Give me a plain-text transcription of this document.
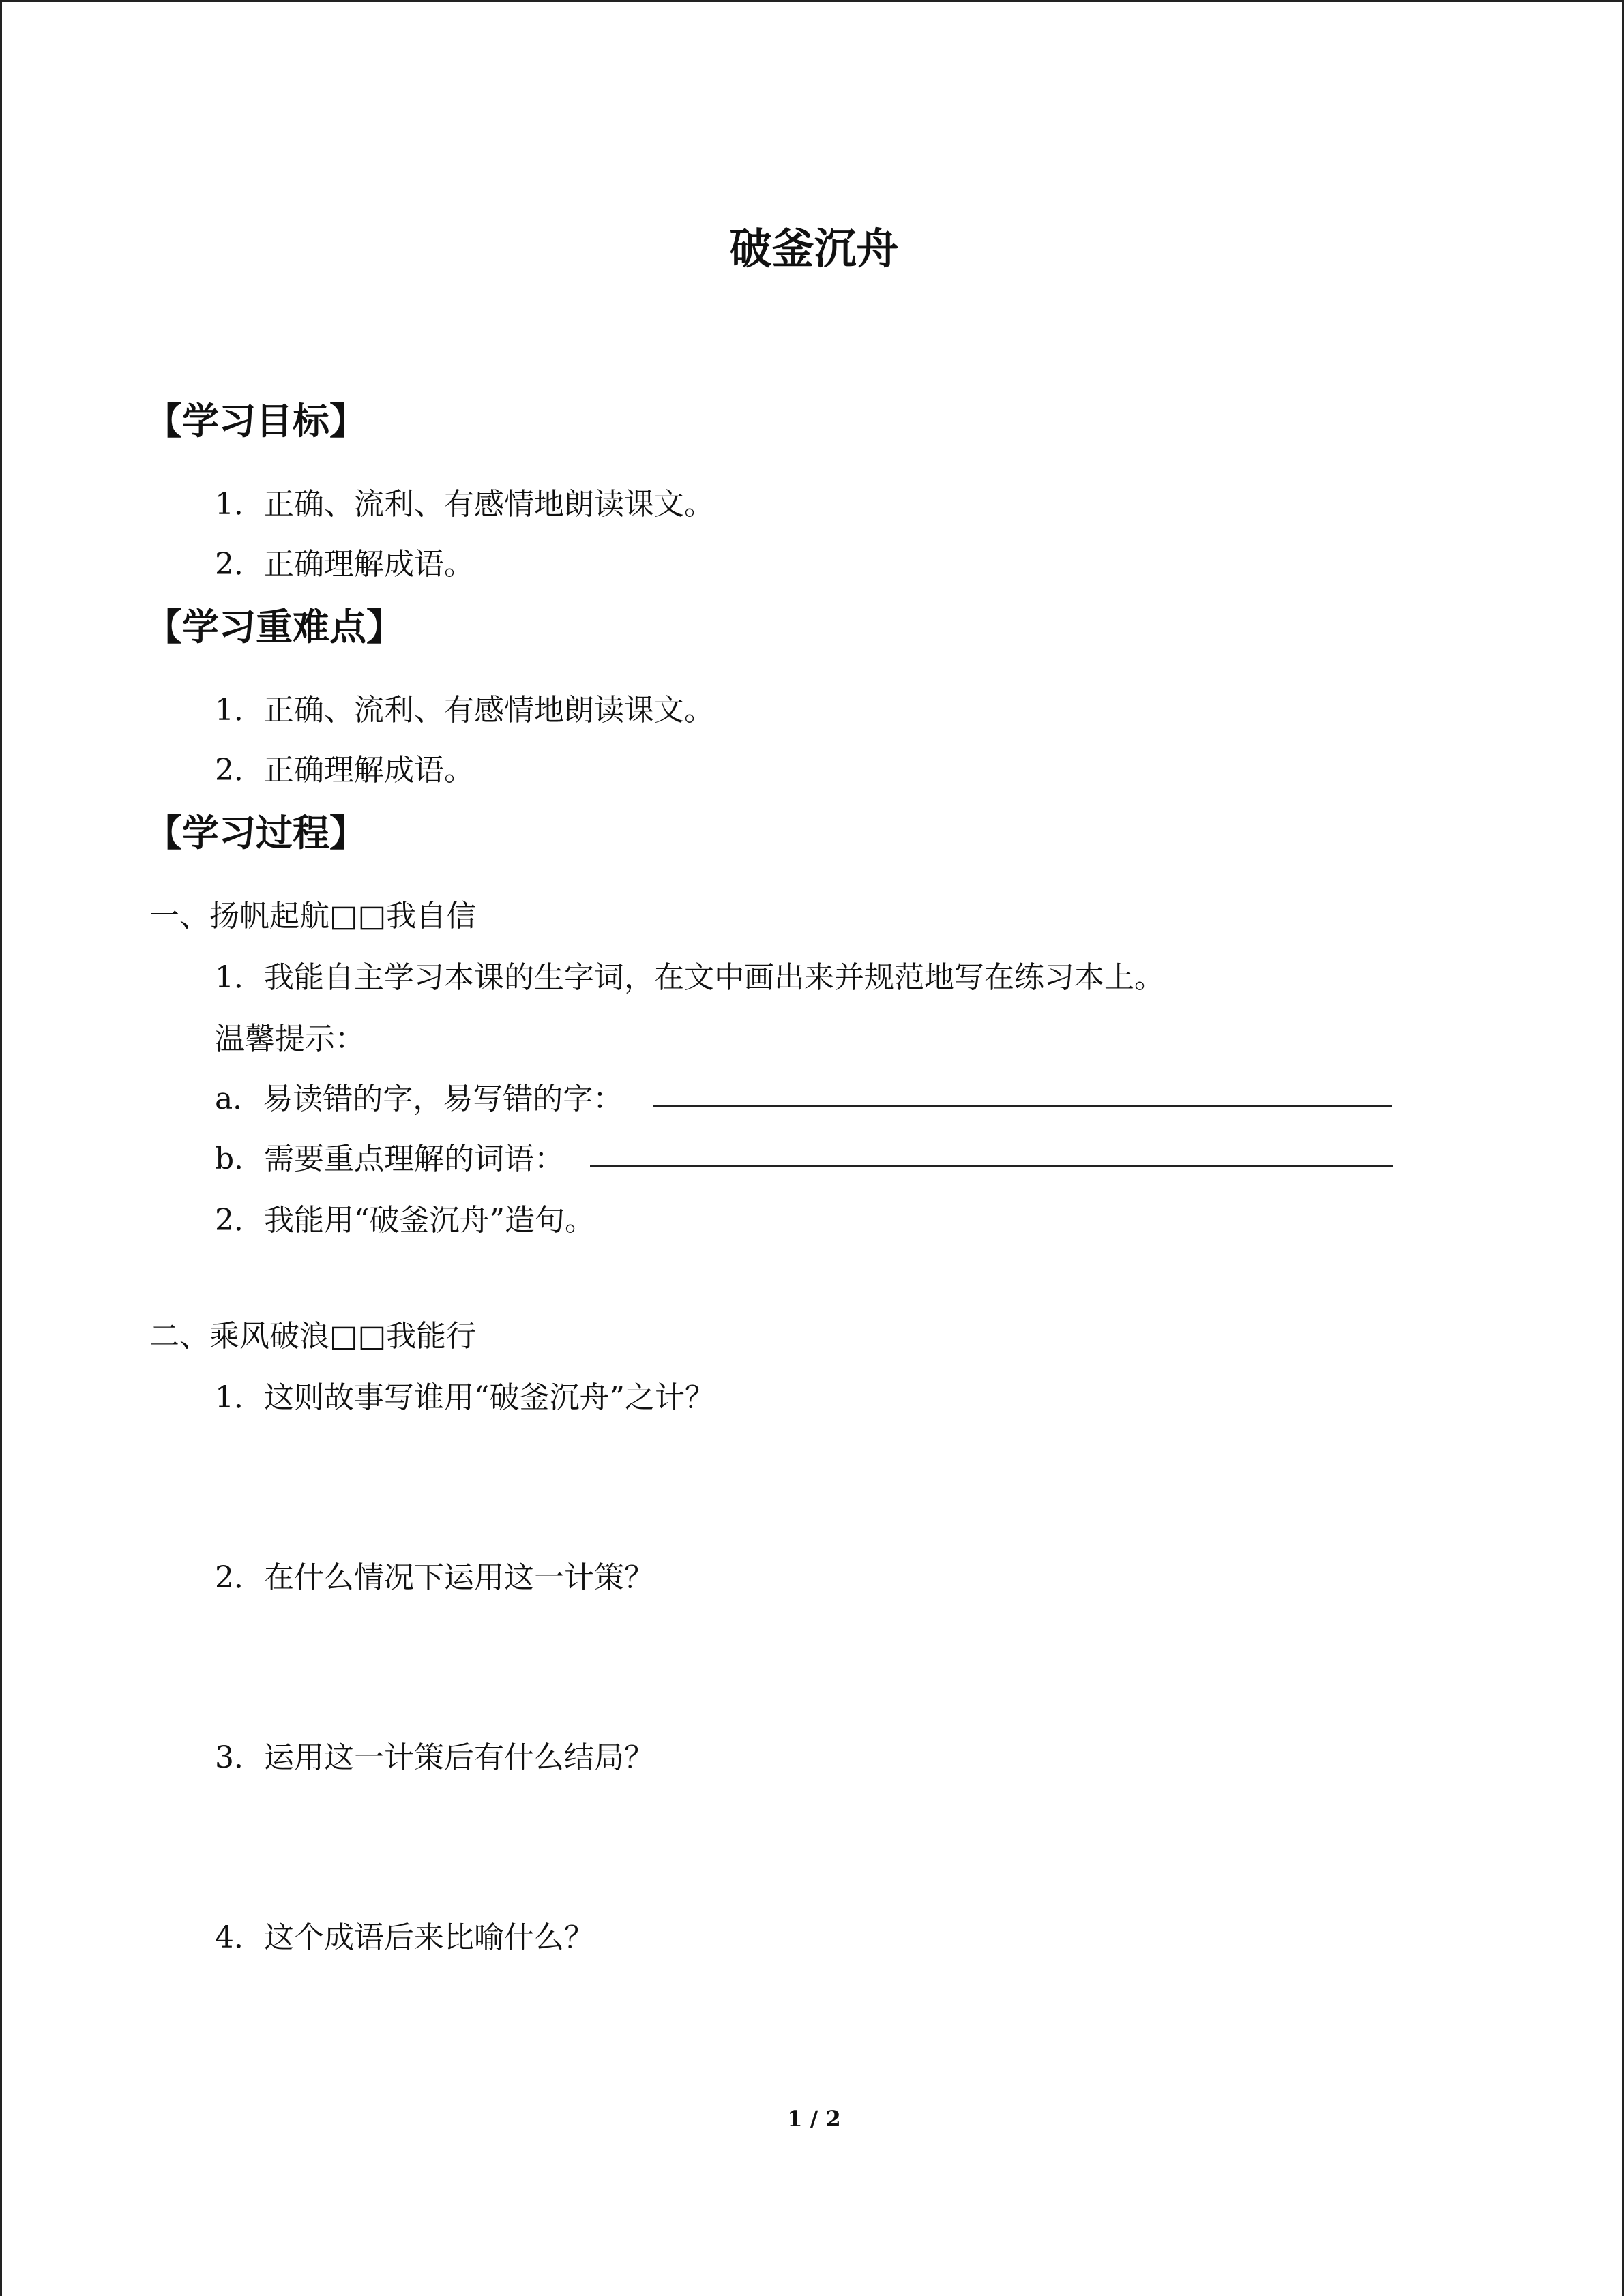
破釜沉舟
【学习目标】
1．正确、流利、有感情地朗读课文。
2．正确理解成语。
【学习重难点】
1．正确、流利、有感情地朗读课文。
2．正确理解成语。
【学习过程】
一、扬帆起航□□我自信
1．我能自主学习本课的生字词，在文中画出来并规范地写在练习本上。
温馨提示：
a．易读错的字，易写错的字：
b．需要重点理解的词语：
2．我能用“破釜沉舟”造句。
二、乘风破浪□□我能行
1．这则故事写谁用“破釜沉舟”之计？
2．在什么情况下运用这一计策？
3．运用这一计策后有什么结局？
4．这个成语后来比喻什么？
1 / 2
